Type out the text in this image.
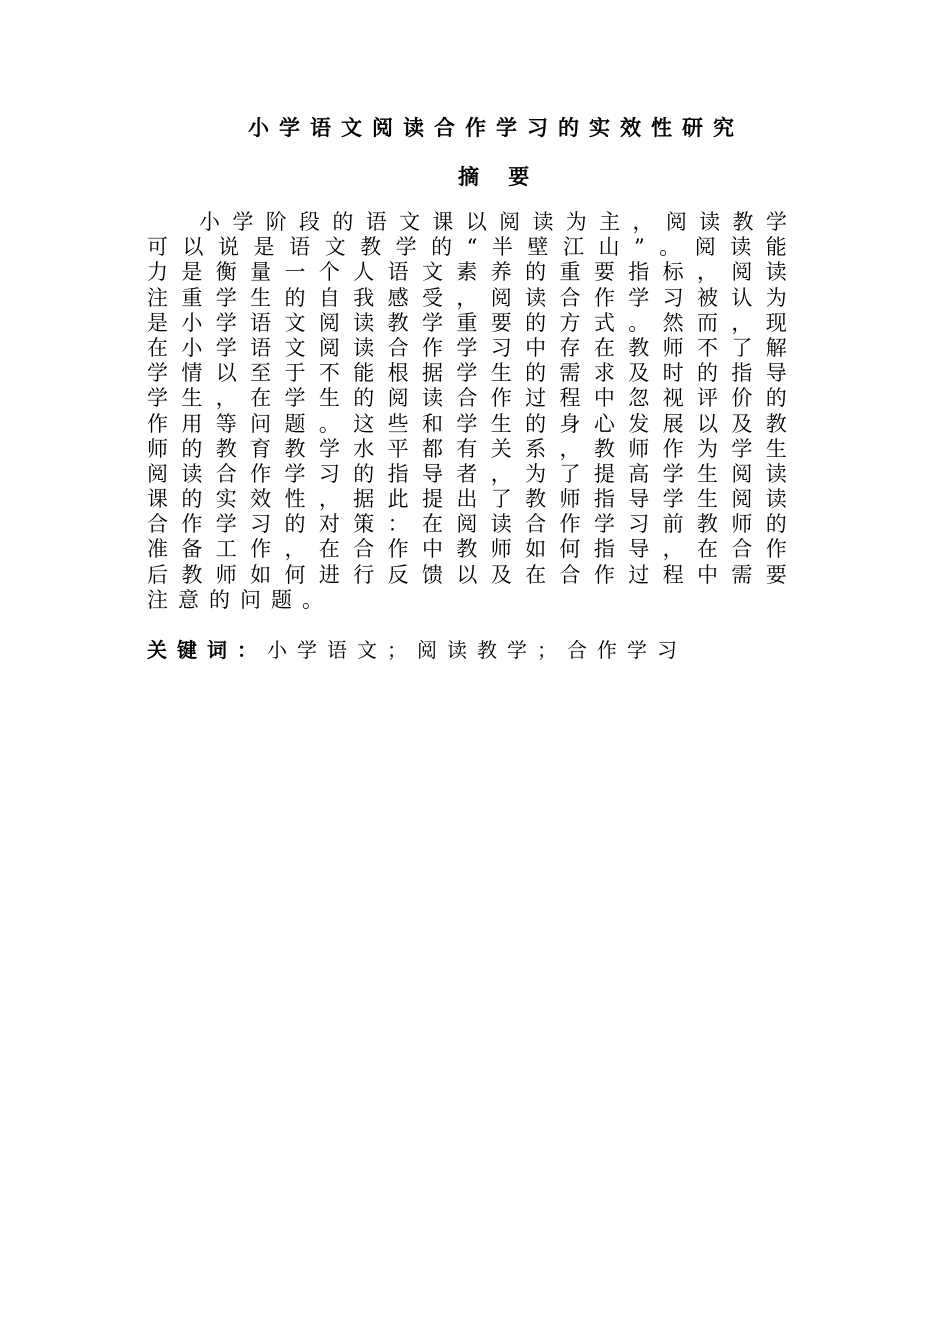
小学语文阅读合作学习的实效性研究
摘    要
小 学 阶 段 的 语 文 课 以 阅 读 为 主 ， 阅 读 教 学
可 以 说 是 语 文 教 学 的 “ 半 壁 江 山 ” 。 阅 读 能
力 是 衡 量 一 个 人 语 文 素 养 的 重 要 指 标 ， 阅 读
注 重 学 生 的 自 我 感 受 ， 阅 读 合 作 学 习 被 认 为
是 小 学 语 文 阅 读 教 学 重 要 的 方 式 。 然 而 ， 现
在 小 学 语 文 阅 读 合 作 学 习 中 存 在 教 师 不 了 解
学 情 以 至 于 不 能 根 据 学 生 的 需 求 及 时 的 指 导
学 生 ， 在 学 生 的 阅 读 合 作 过 程 中 忽 视 评 价 的
作 用 等 问 题 。 这 些 和 学 生 的 身 心 发 展 以 及 教
师 的 教 育 教 学 水 平 都 有 关 系 ， 教 师 作 为 学 生
阅 读 合 作 学 习 的 指 导 者 ， 为 了 提 高 学 生 阅 读
课 的 实 效 性 ， 据 此 提 出 了 教 师 指 导 学 生 阅 读
合 作 学 习 的 对 策 ： 在 阅 读 合 作 学 习 前 教 师 的
准 备 工 作 ， 在 合 作 中 教 师 如 何 指 导 ， 在 合 作
后 教 师 如 何 进 行 反 馈 以 及 在 合 作 过 程 中 需 要
注 意 的 问 题 。
关键词：小学语文；阅读教学；合作学习
